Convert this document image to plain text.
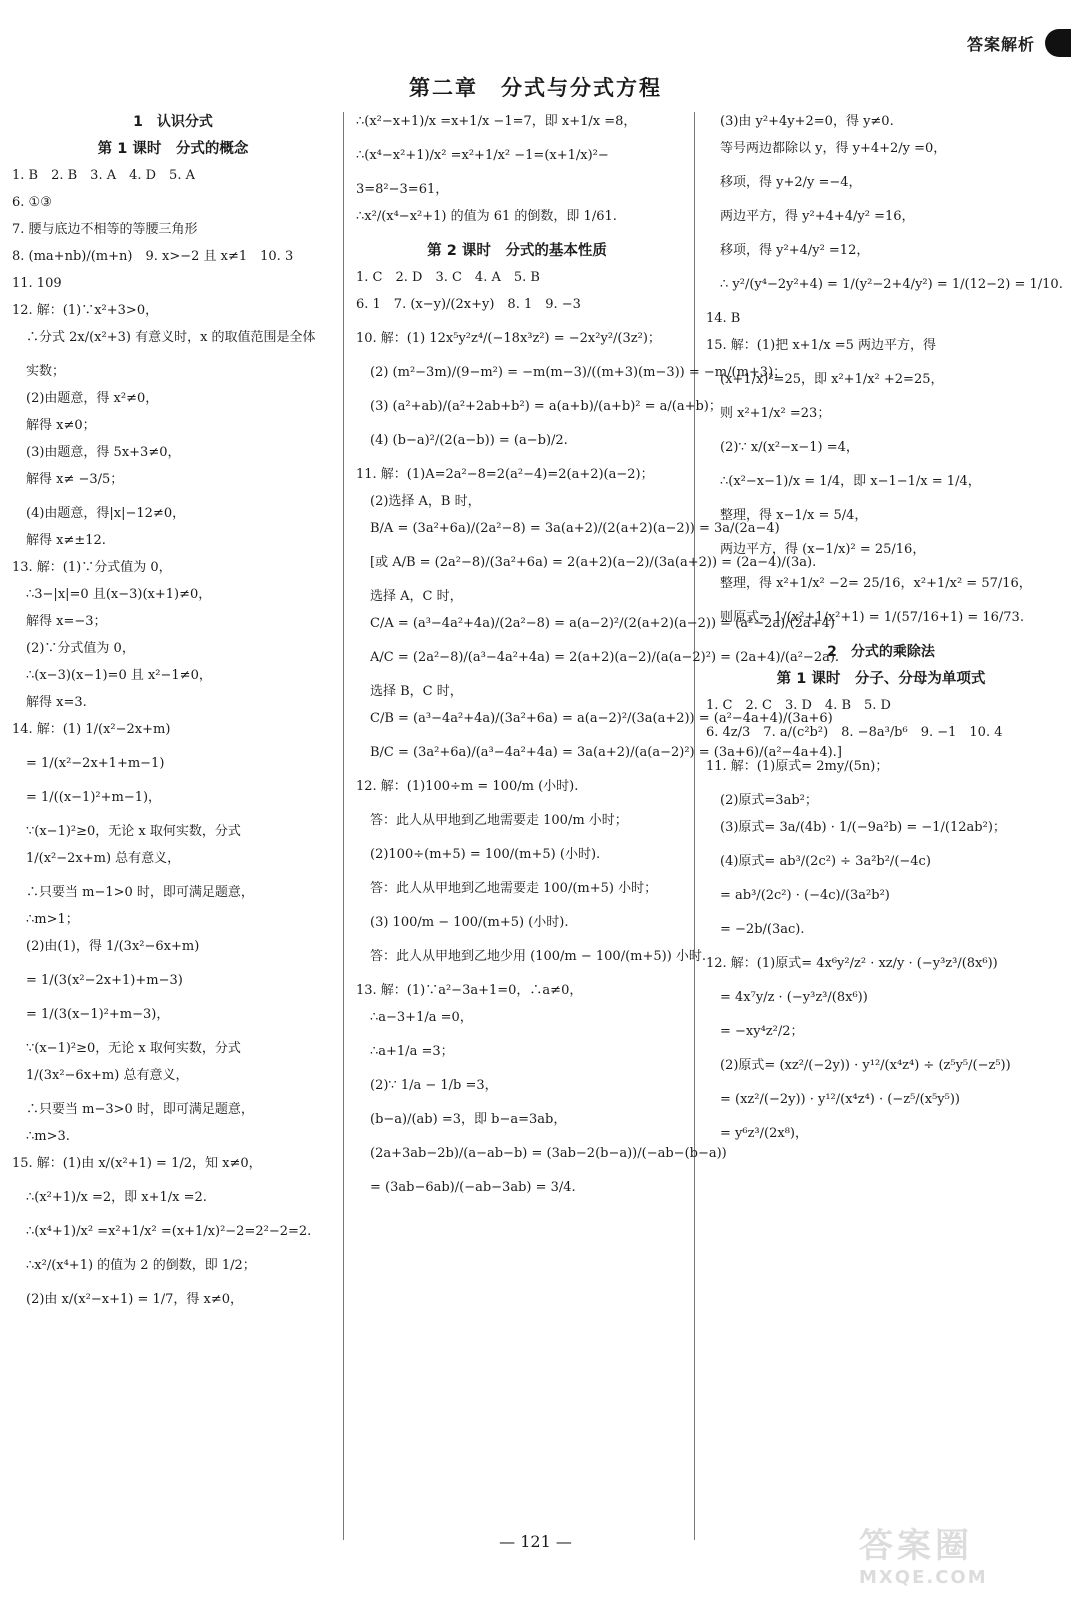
答案解析
第二章　分式与分式方程
1　认识分式
第 1 课时　分式的概念
1. B　2. B　3. A　4. D　5. A
6. ①③
7. 腰与底边不相等的等腰三角形
8. (ma+nb)/(m+n)　9. x>−2 且 x≠1　10. 3
11. 109
12. 解：(1)∵x²+3>0，
∴分式 2x/(x²+3) 有意义时，x 的取值范围是全体
实数；
(2)由题意，得 x²≠0，
解得 x≠0；
(3)由题意，得 5x+3≠0，
解得 x≠ −3/5；
(4)由题意，得|x|−12≠0，
解得 x≠±12.
13. 解：(1)∵分式值为 0，
∴3−|x|=0 且(x−3)(x+1)≠0，
解得 x=−3；
(2)∵分式值为 0，
∴(x−3)(x−1)=0 且 x²−1≠0，
解得 x=3.
14. 解：(1) 1/(x²−2x+m)
= 1/(x²−2x+1+m−1)
= 1/((x−1)²+m−1)，
∵(x−1)²≥0，无论 x 取何实数，分式
1/(x²−2x+m) 总有意义，
∴只要当 m−1>0 时，即可满足题意，
∴m>1；
(2)由(1)，得 1/(3x²−6x+m)
= 1/(3(x²−2x+1)+m−3)
= 1/(3(x−1)²+m−3)，
∵(x−1)²≥0，无论 x 取何实数，分式
1/(3x²−6x+m) 总有意义，
∴只要当 m−3>0 时，即可满足题意，
∴m>3.
15. 解：(1)由 x/(x²+1) = 1/2，知 x≠0，
∴(x²+1)/x =2，即 x+1/x =2.
∴(x⁴+1)/x² =x²+1/x² =(x+1/x)²−2=2²−2=2.
∴x²/(x⁴+1) 的值为 2 的倒数，即 1/2；
(2)由 x/(x²−x+1) = 1/7，得 x≠0，
∴(x²−x+1)/x =x+1/x −1=7，即 x+1/x =8，
∴(x⁴−x²+1)/x² =x²+1/x² −1=(x+1/x)²−
3=8²−3=61，
∴x²/(x⁴−x²+1) 的值为 61 的倒数，即 1/61.
第 2 课时　分式的基本性质
1. C　2. D　3. C　4. A　5. B
6. 1　7. (x−y)/(2x+y)　8. 1　9. −3
10. 解：(1) 12x⁵y²z⁴/(−18x³z²) = −2x²y²/(3z²)；
(2) (m²−3m)/(9−m²) = −m(m−3)/((m+3)(m−3)) = −m/(m+3)；
(3) (a²+ab)/(a²+2ab+b²) = a(a+b)/(a+b)² = a/(a+b)；
(4) (b−a)²/(2(a−b)) = (a−b)/2.
11. 解：(1)A=2a²−8=2(a²−4)=2(a+2)(a−2)；
(2)选择 A，B 时，
B/A = (3a²+6a)/(2a²−8) = 3a(a+2)/(2(a+2)(a−2)) = 3a/(2a−4)
[或 A/B = (2a²−8)/(3a²+6a) = 2(a+2)(a−2)/(3a(a+2)) = (2a−4)/(3a).
选择 A，C 时，
C/A = (a³−4a²+4a)/(2a²−8) = a(a−2)²/(2(a+2)(a−2)) = (a²−2a)/(2a+4)
A/C = (2a²−8)/(a³−4a²+4a) = 2(a+2)(a−2)/(a(a−2)²) = (2a+4)/(a²−2a).
选择 B，C 时，
C/B = (a³−4a²+4a)/(3a²+6a) = a(a−2)²/(3a(a+2)) = (a²−4a+4)/(3a+6)
B/C = (3a²+6a)/(a³−4a²+4a) = 3a(a+2)/(a(a−2)²) = (3a+6)/(a²−4a+4).]
12. 解：(1)100÷m = 100/m (小时).
答：此人从甲地到乙地需要走 100/m 小时；
(2)100÷(m+5) = 100/(m+5) (小时).
答：此人从甲地到乙地需要走 100/(m+5) 小时；
(3) 100/m − 100/(m+5) (小时).
答：此人从甲地到乙地少用 (100/m − 100/(m+5)) 小时.
13. 解：(1)∵a²−3a+1=0，∴a≠0，
∴a−3+1/a =0，
∴a+1/a =3；
(2)∵ 1/a − 1/b =3，
(b−a)/(ab) =3，即 b−a=3ab，
(2a+3ab−2b)/(a−ab−b) = (3ab−2(b−a))/(−ab−(b−a))
= (3ab−6ab)/(−ab−3ab) = 3/4.
(3)由 y²+4y+2=0，得 y≠0.
等号两边都除以 y，得 y+4+2/y =0，
移项，得 y+2/y =−4，
两边平方，得 y²+4+4/y² =16，
移项，得 y²+4/y² =12，
∴ y²/(y⁴−2y²+4) = 1/(y²−2+4/y²) = 1/(12−2) = 1/10.
14. B
15. 解：(1)把 x+1/x =5 两边平方，得
(x+1/x)²=25，即 x²+1/x² +2=25，
则 x²+1/x² =23；
(2)∵ x/(x²−x−1) =4，
∴(x²−x−1)/x = 1/4，即 x−1−1/x = 1/4，
整理，得 x−1/x = 5/4，
两边平方，得 (x−1/x)² = 25/16，
整理，得 x²+1/x² −2= 25/16，x²+1/x² = 57/16，
则原式= 1/(x²+1/x²+1) = 1/(57/16+1) = 16/73.
2　分式的乘除法
第 1 课时　分子、分母为单项式
1. C　2. C　3. D　4. B　5. D
6. 4z/3　7. a/(c²b²)　8. −8a³/b⁶　9. −1　10. 4
11. 解：(1)原式= 2my/(5n)；
(2)原式=3ab²；
(3)原式= 3a/(4b) · 1/(−9a²b) = −1/(12ab²)；
(4)原式= ab³/(2c²) ÷ 3a²b²/(−4c)
= ab³/(2c²) · (−4c)/(3a²b²)
= −2b/(3ac).
12. 解：(1)原式= 4x⁶y²/z² · xz/y · (−y³z³/(8x⁶))
= 4x⁷y/z · (−y³z³/(8x⁶))
= −xy⁴z²/2；
(2)原式= (xz²/(−2y)) · y¹²/(x⁴z⁴) ÷ (z⁵y⁵/(−z⁵))
= (xz²/(−2y)) · y¹²/(x⁴z⁴) · (−z⁵/(x⁵y⁵))
= y⁶z³/(2x⁸)，
— 121 —	答案圈
MXQE.COM
